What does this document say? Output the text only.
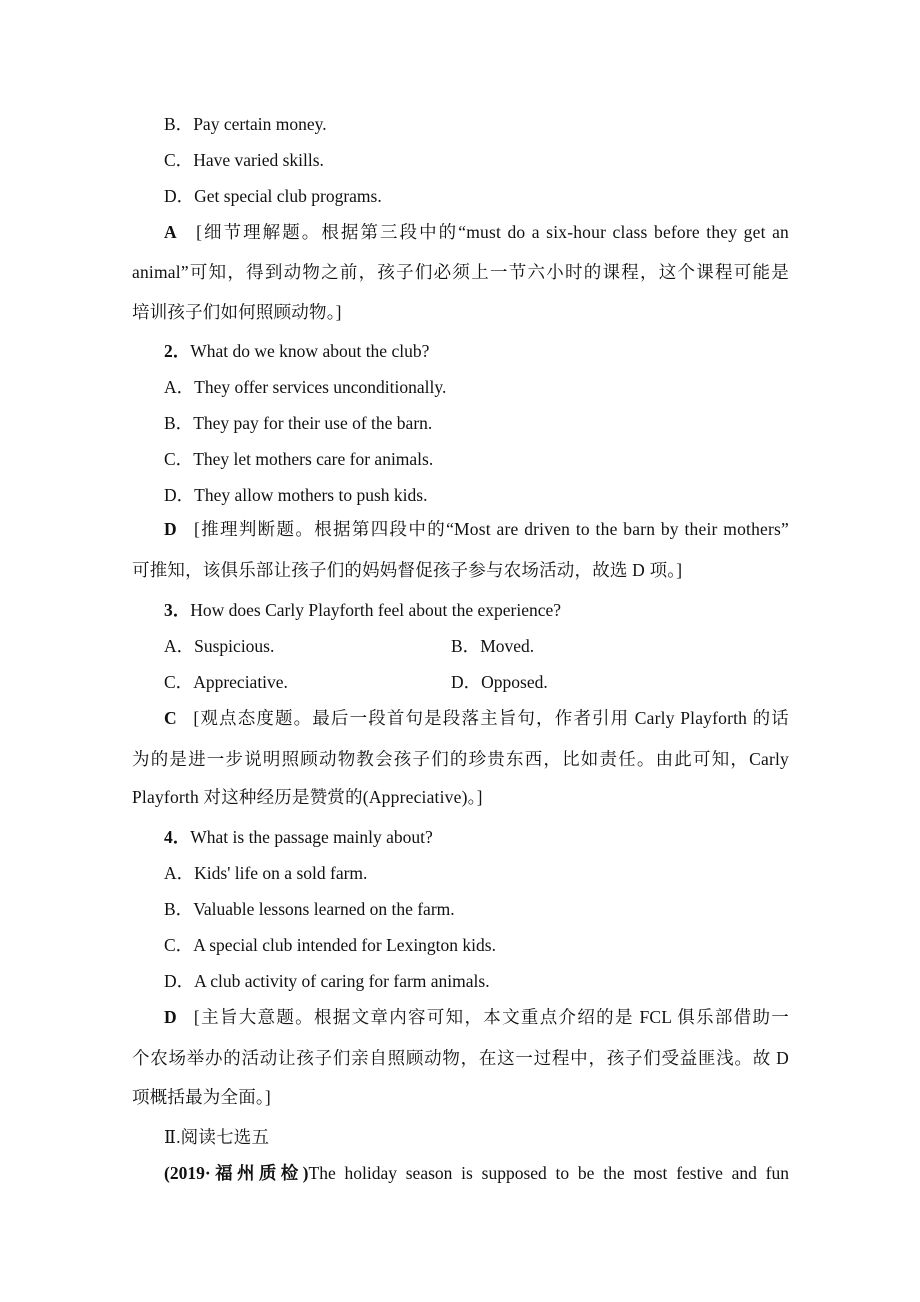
B．Pay certain money.
C．Have varied skills.
D．Get special club programs.
A [细节理解题。根据第三段中的“must do a six-hour class before they get an
animal”可知，得到动物之前，孩子们必须上一节六小时的课程，这个课程可能是
培训孩子们如何照顾动物。]
2．What do we know about the club?
A．They offer services unconditionally.
B．They pay for their use of the barn.
C．They let mothers care for animals.
D．They allow mothers to push kids.
D [推理判断题。根据第四段中的“Most are driven to the barn by their mothers”
可推知，该俱乐部让孩子们的妈妈督促孩子参与农场活动，故选 D 项。]
3．How does Carly Playforth feel about the experience?
A．Suspicious.	B．Moved.
C．Appreciative.	D．Opposed.
C [观点态度题。最后一段首句是段落主旨句，作者引用 Carly Playforth 的话
为的是进一步说明照顾动物教会孩子们的珍贵东西，比如责任。由此可知，Carly
Playforth 对这种经历是赞赏的(Appreciative)。]
4．What is the passage mainly about?
A．Kids' life on a sold farm.
B．Valuable lessons learned on the farm.
C．A special club intended for Lexington kids.
D．A club activity of caring for farm animals.
D [主旨大意题。根据文章内容可知，本文重点介绍的是 FCL 俱乐部借助一
个农场举办的活动让孩子们亲自照顾动物，在这一过程中，孩子们受益匪浅。故 D
项概括最为全面。]
Ⅱ.阅读七选五
(2019·福州质检)The holiday season is supposed to be the most festive and fun
